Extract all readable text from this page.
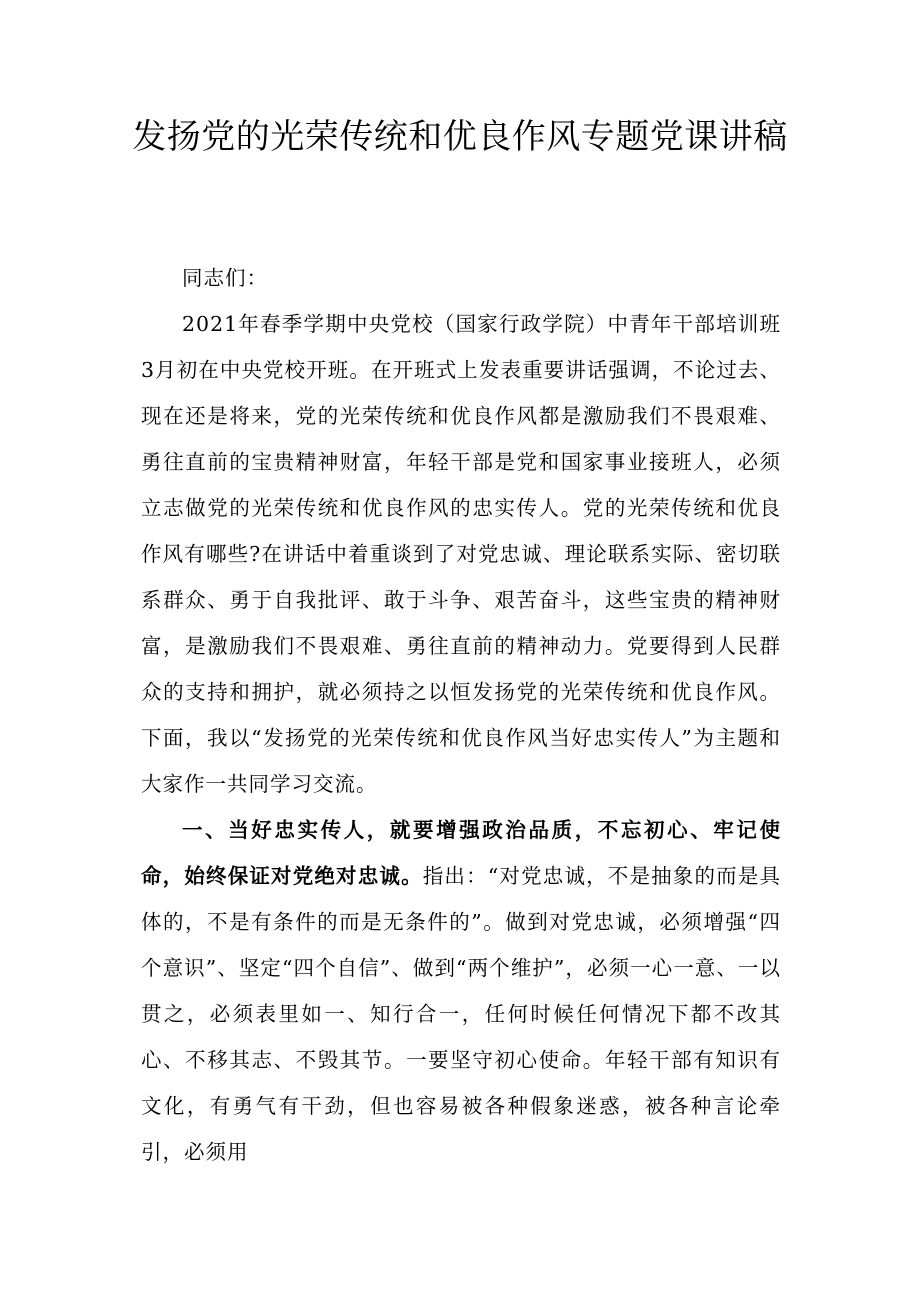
发扬党的光荣传统和优良作风专题党课讲稿

同志们：

2021年春季学期中央党校（国家行政学院）中青年干部培训班3月初在中央党校开班。在开班式上发表重要讲话强调，不论过去、现在还是将来，党的光荣传统和优良作风都是激励我们不畏艰难、勇往直前的宝贵精神财富，年轻干部是党和国家事业接班人，必须立志做党的光荣传统和优良作风的忠实传人。党的光荣传统和优良作风有哪些?在讲话中着重谈到了对党忠诚、理论联系实际、密切联系群众、勇于自我批评、敢于斗争、艰苦奋斗，这些宝贵的精神财富，是激励我们不畏艰难、勇往直前的精神动力。党要得到人民群众的支持和拥护，就必须持之以恒发扬党的光荣传统和优良作风。下面，我以“发扬党的光荣传统和优良作风当好忠实传人”为主题和大家作一共同学习交流。

一、当好忠实传人，就要增强政治品质，不忘初心、牢记使命，始终保证对党绝对忠诚。指出：“对党忠诚，不是抽象的而是具体的，不是有条件的而是无条件的”。做到对党忠诚，必须增强“四个意识”、坚定“四个自信”、做到“两个维护”，必须一心一意、一以贯之，必须表里如一、知行合一，任何时候任何情况下都不改其心、不移其志、不毁其节。一要坚守初心使命。年轻干部有知识有文化，有勇气有干劲，但也容易被各种假象迷惑，被各种言论牵引，必须用
